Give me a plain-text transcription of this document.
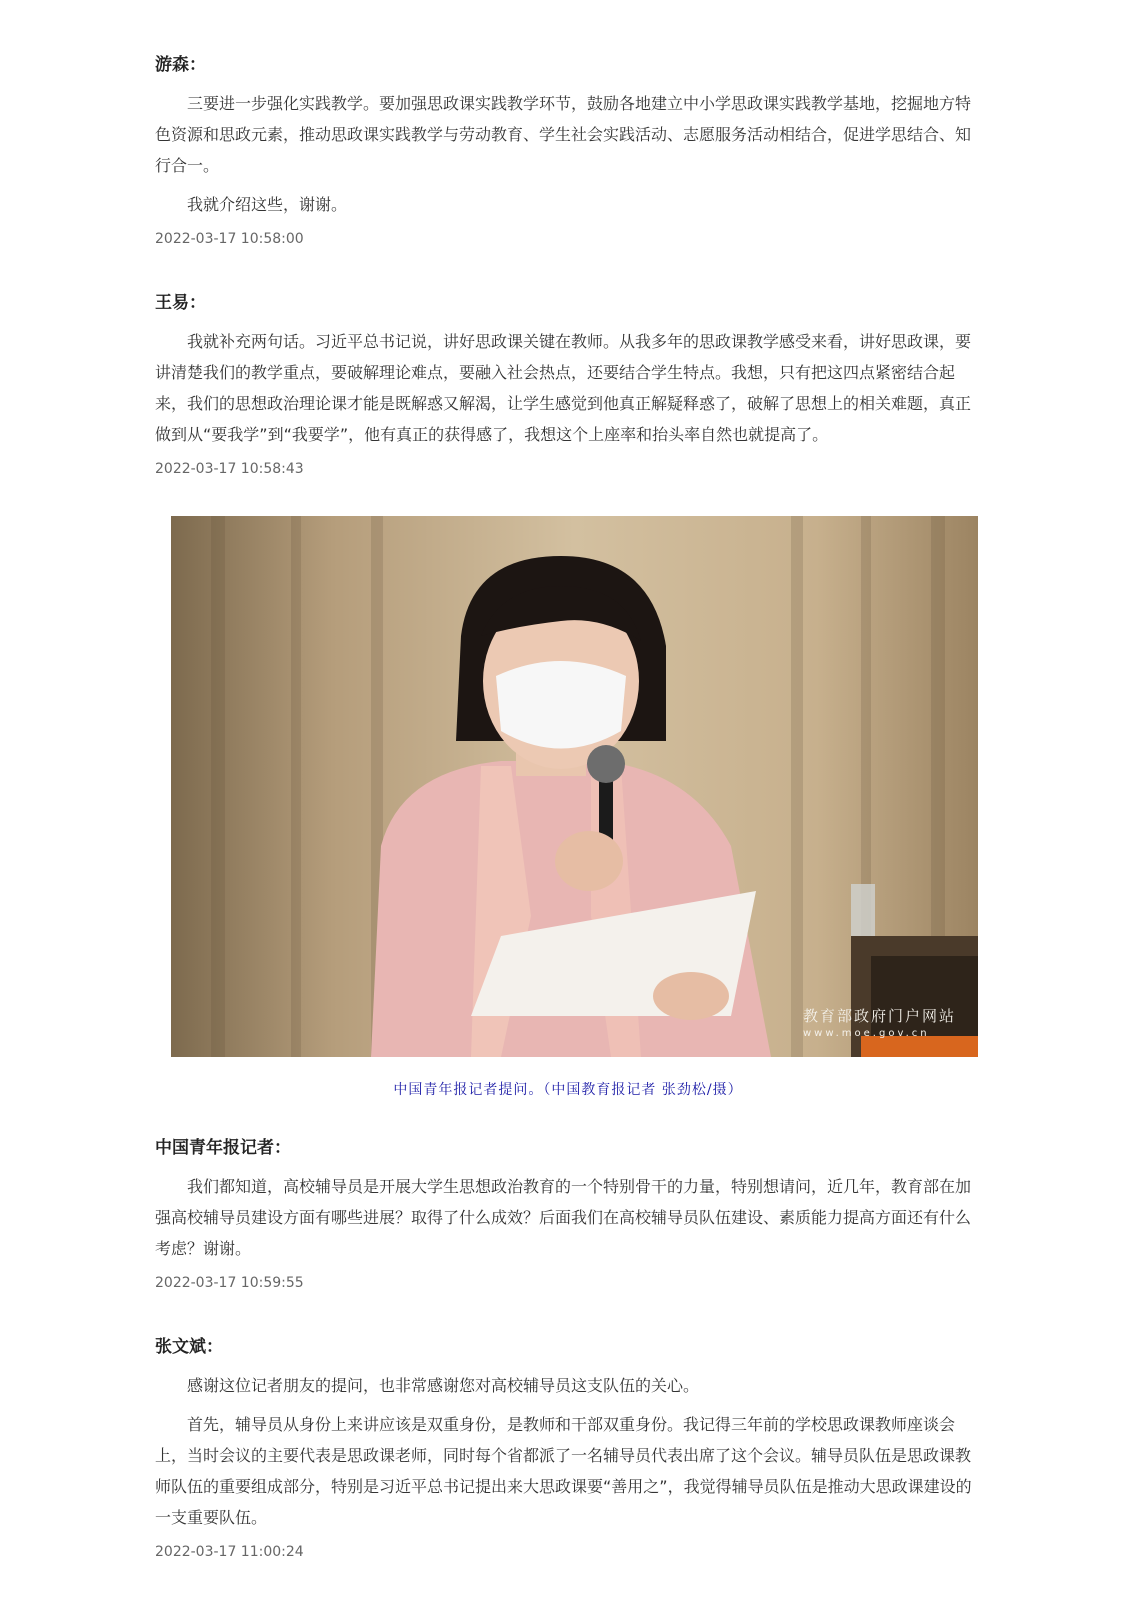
游森：

三要进一步强化实践教学。要加强思政课实践教学环节，鼓励各地建立中小学思政课实践教学基地，挖掘地方特色资源和思政元素，推动思政课实践教学与劳动教育、学生社会实践活动、志愿服务活动相结合，促进学思结合、知行合一。

我就介绍这些，谢谢。

2022-03-17 10:58:00
王易：

我就补充两句话。习近平总书记说，讲好思政课关键在教师。从我多年的思政课教学感受来看，讲好思政课，要讲清楚我们的教学重点，要破解理论难点，要融入社会热点，还要结合学生特点。我想，只有把这四点紧密结合起来，我们的思想政治理论课才能是既解惑又解渴，让学生感觉到他真正解疑释惑了，破解了思想上的相关难题，真正做到从“要我学”到“我要学”，他有真正的获得感了，我想这个上座率和抬头率自然也就提高了。

2022-03-17 10:58:43
教育部政府门户网站
www.moe.gov.cn
中国青年报记者提问。（中国教育报记者 张劲松/摄）
中国青年报记者：

我们都知道，高校辅导员是开展大学生思想政治教育的一个特别骨干的力量，特别想请问，近几年，教育部在加强高校辅导员建设方面有哪些进展？取得了什么成效？后面我们在高校辅导员队伍建设、素质能力提高方面还有什么考虑？谢谢。

2022-03-17 10:59:55
张文斌：

感谢这位记者朋友的提问，也非常感谢您对高校辅导员这支队伍的关心。

首先，辅导员从身份上来讲应该是双重身份，是教师和干部双重身份。我记得三年前的学校思政课教师座谈会上，当时会议的主要代表是思政课老师，同时每个省都派了一名辅导员代表出席了这个会议。辅导员队伍是思政课教师队伍的重要组成部分，特别是习近平总书记提出来大思政课要“善用之”，我觉得辅导员队伍是推动大思政课建设的一支重要队伍。

2022-03-17 11:00:24
